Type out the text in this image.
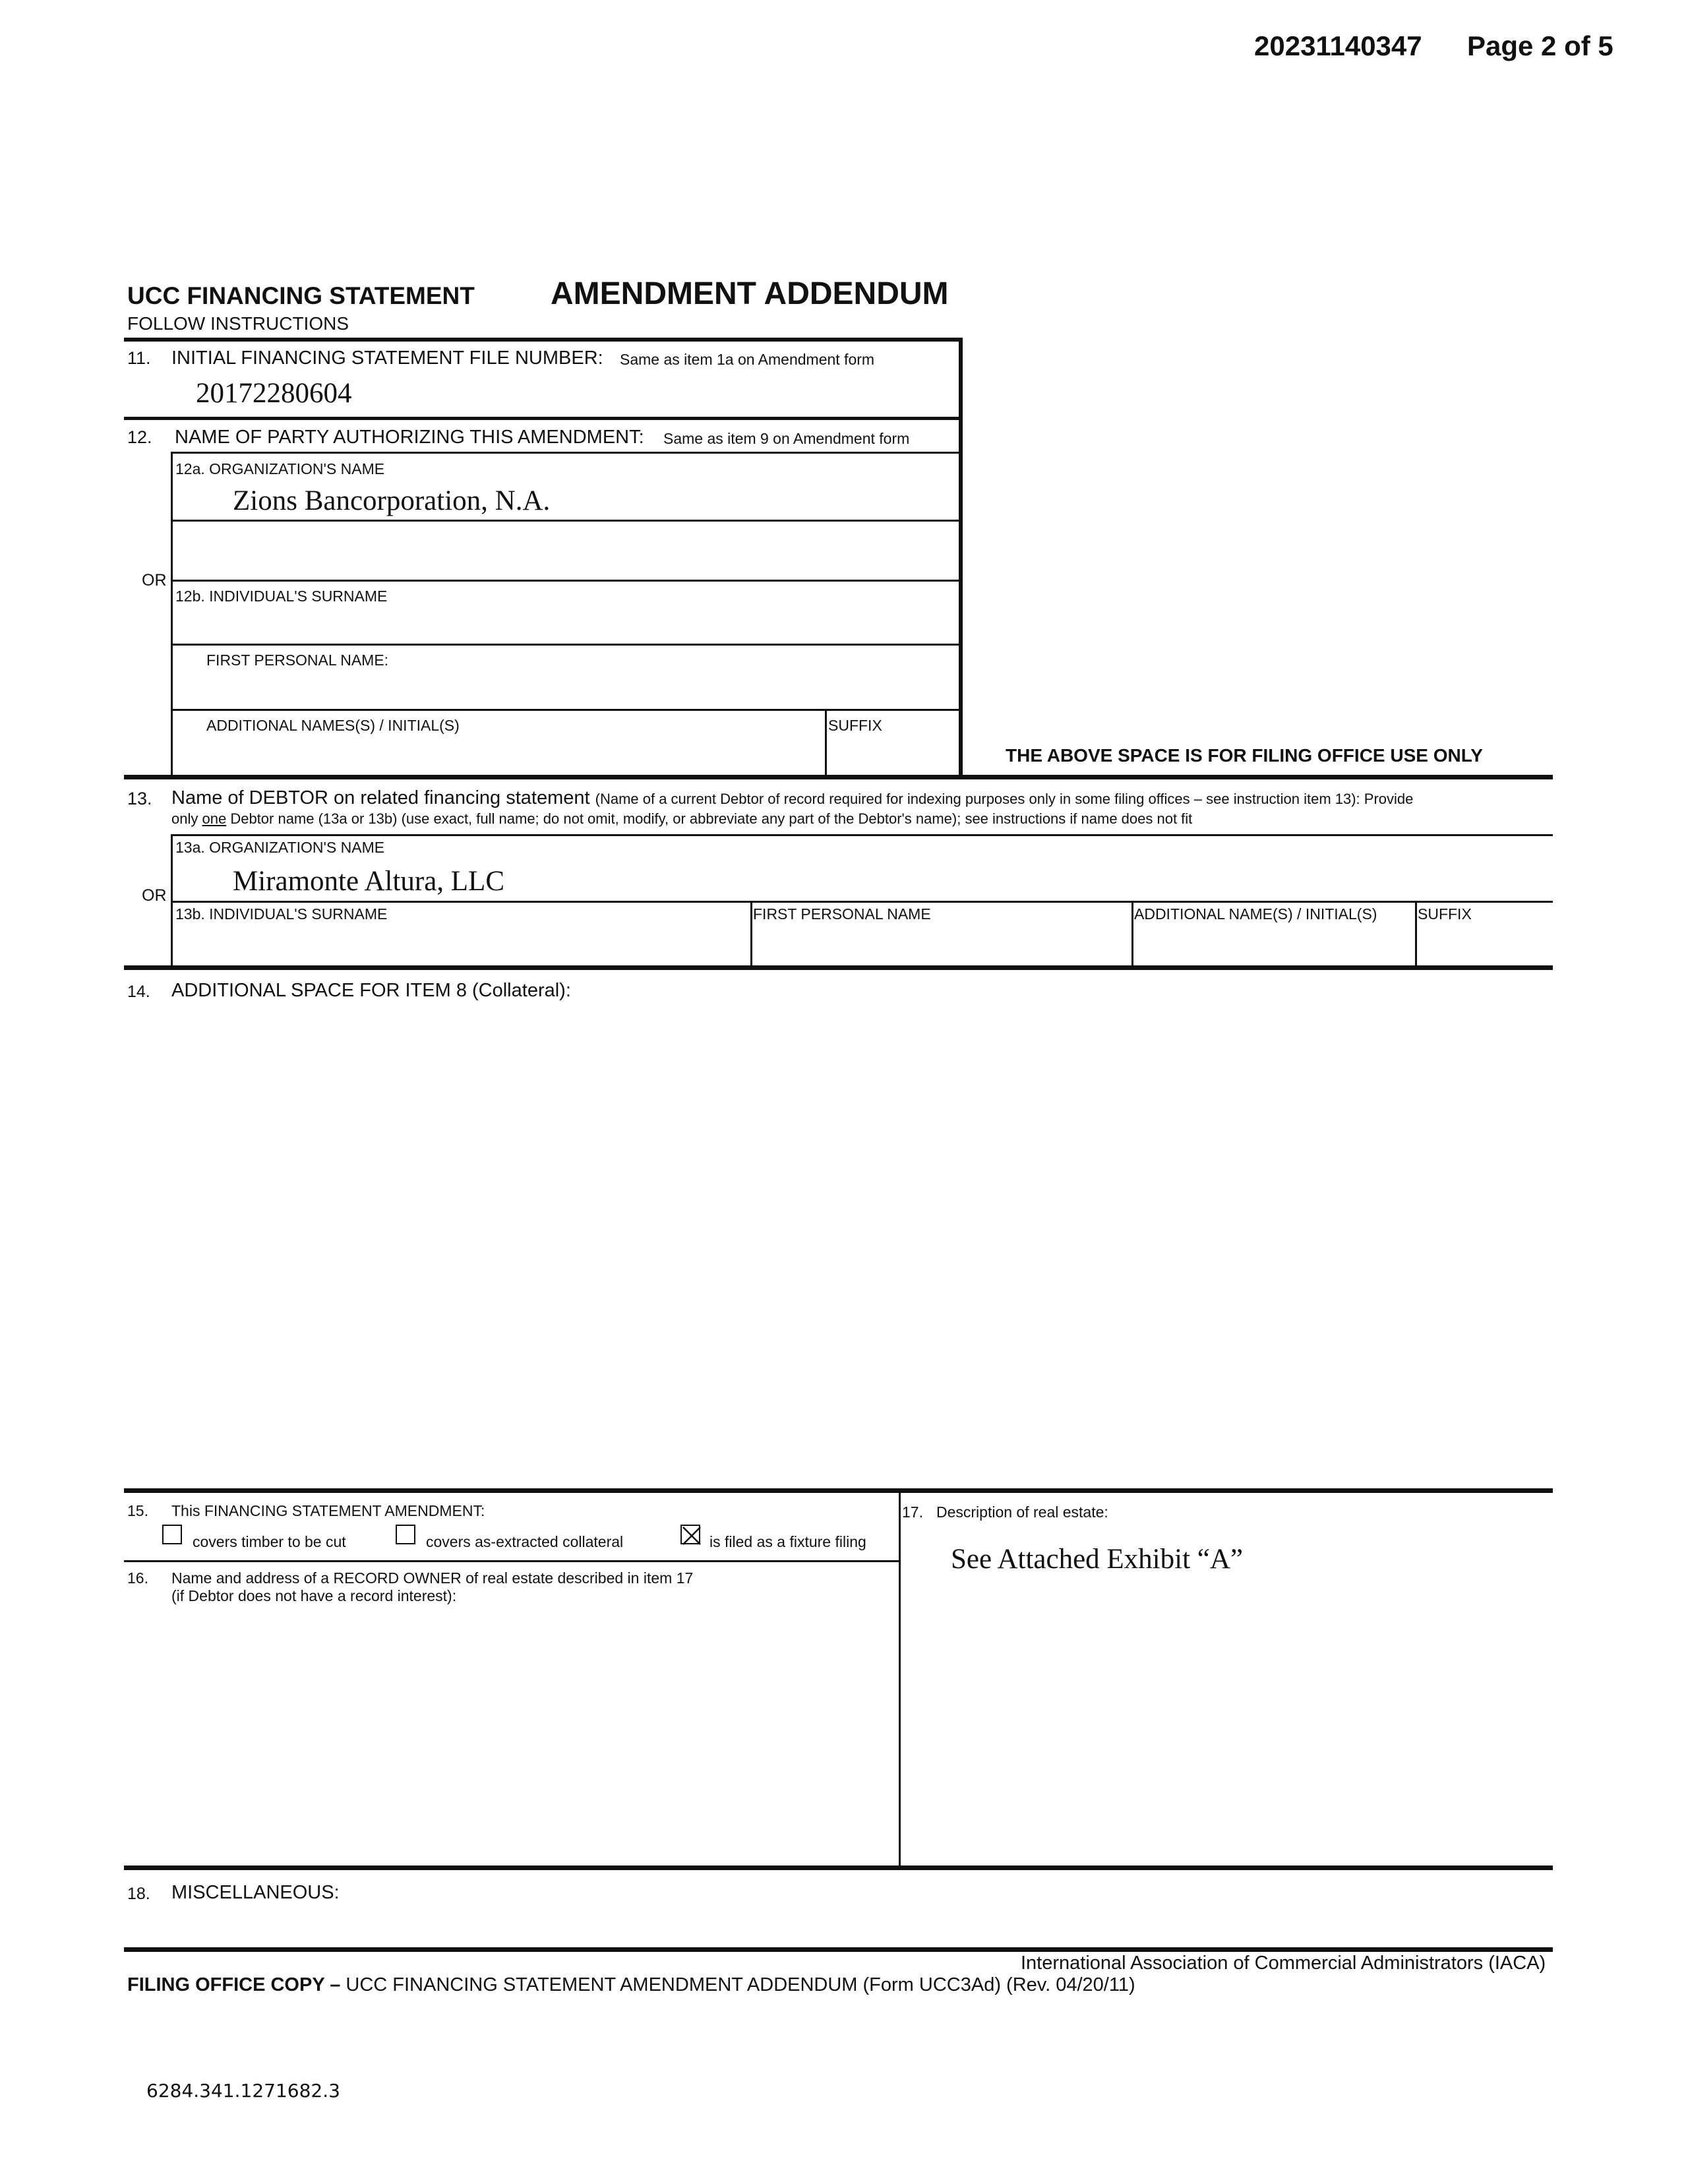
20231140347 Page 2 of 5
UCC FINANCING STATEMENT AMENDMENT ADDENDUM
FOLLOW INSTRUCTIONS
11. INITIAL FINANCING STATEMENT FILE NUMBER: Same as item 1a on Amendment form
20172280604
12. NAME OF PARTY AUTHORIZING THIS AMENDMENT: Same as item 9 on Amendment form
12a. ORGANIZATION'S NAME
Zions Bancorporation, N.A.
OR
12b. INDIVIDUAL'S SURNAME
FIRST PERSONAL NAME:
ADDITIONAL NAMES(S) / INITIAL(S)	SUFFIX
THE ABOVE SPACE IS FOR FILING OFFICE USE ONLY
13. Name of DEBTOR on related financing statement (Name of a current Debtor of record required for indexing purposes only in some filing offices – see instruction item 13): Provide
only one Debtor name (13a or 13b) (use exact, full name; do not omit, modify, or abbreviate any part of the Debtor's name); see instructions if name does not fit
13a. ORGANIZATION'S NAME
Miramonte Altura, LLC
OR
13b. INDIVIDUAL'S SURNAME	FIRST PERSONAL NAME	ADDITIONAL NAME(S) / INITIAL(S)	SUFFIX
14. ADDITIONAL SPACE FOR ITEM 8 (Collateral):
15. This FINANCING STATEMENT AMENDMENT:
covers timber to be cut	covers as-extracted collateral	is filed as a fixture filing
16. Name and address of a RECORD OWNER of real estate described in item 17
(if Debtor does not have a record interest):
17. Description of real estate:
See Attached Exhibit “A”
18. MISCELLANEOUS:
International Association of Commercial Administrators (IACA)
FILING OFFICE COPY – UCC FINANCING STATEMENT AMENDMENT ADDENDUM (Form UCC3Ad) (Rev. 04/20/11)
6284.341.1271682.3
